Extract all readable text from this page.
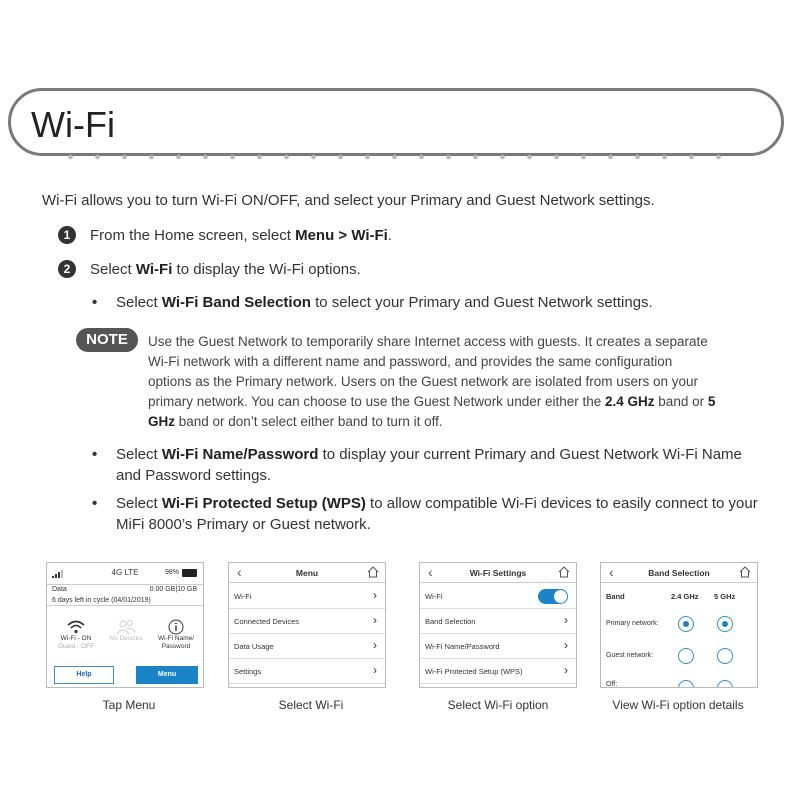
Wi-Fi
Wi-Fi allows you to turn Wi-Fi ON/OFF, and select your Primary and Guest Network settings.
1 From the Home screen, select Menu > Wi-Fi.
2 Select Wi-Fi to display the Wi-Fi options.
• Select Wi-Fi Band Selection to select your Primary and Guest Network settings.
NOTE	Use the Guest Network to temporarily share Internet access with guests. It creates a separate Wi-Fi network with a different name and password, and provides the same configuration options as the Primary network. Users on the Guest network are isolated from users on your primary network. You can choose to use the Guest Network under either the 2.4 GHz band or 5 GHz band or don’t select either band to turn it off.
• Select Wi-Fi Name/Password to display your current Primary and Guest Network Wi-Fi Name and Password settings.
• Select Wi-Fi Protected Setup (WPS) to allow compatible Wi-Fi devices to easily connect to your MiFi 8000’s Primary or Guest network.
4G LTE	98%
Data	0.00 GB|10 GB
6 days left in cycle (04/01/2019)
Wi-Fi - ON
Guest - OFF
No Devices	Wi-Fi Name/ Password
Help	Menu
‹	Menu
Wi-Fi	›
Connected Devices	›
Data Usage	›
Settings	›
‹	Wi-Fi Settings
Wi-Fi
Band Selection	›
Wi-Fi Name/Password	›
Wi-Fi Protected Setup (WPS)	›
‹	Band Selection
Band	2.4 GHz 5 GHz
Primary network:
Guest network:
Off:
Tap Menu	Select Wi-Fi	Select Wi-Fi option	View Wi-Fi option details
